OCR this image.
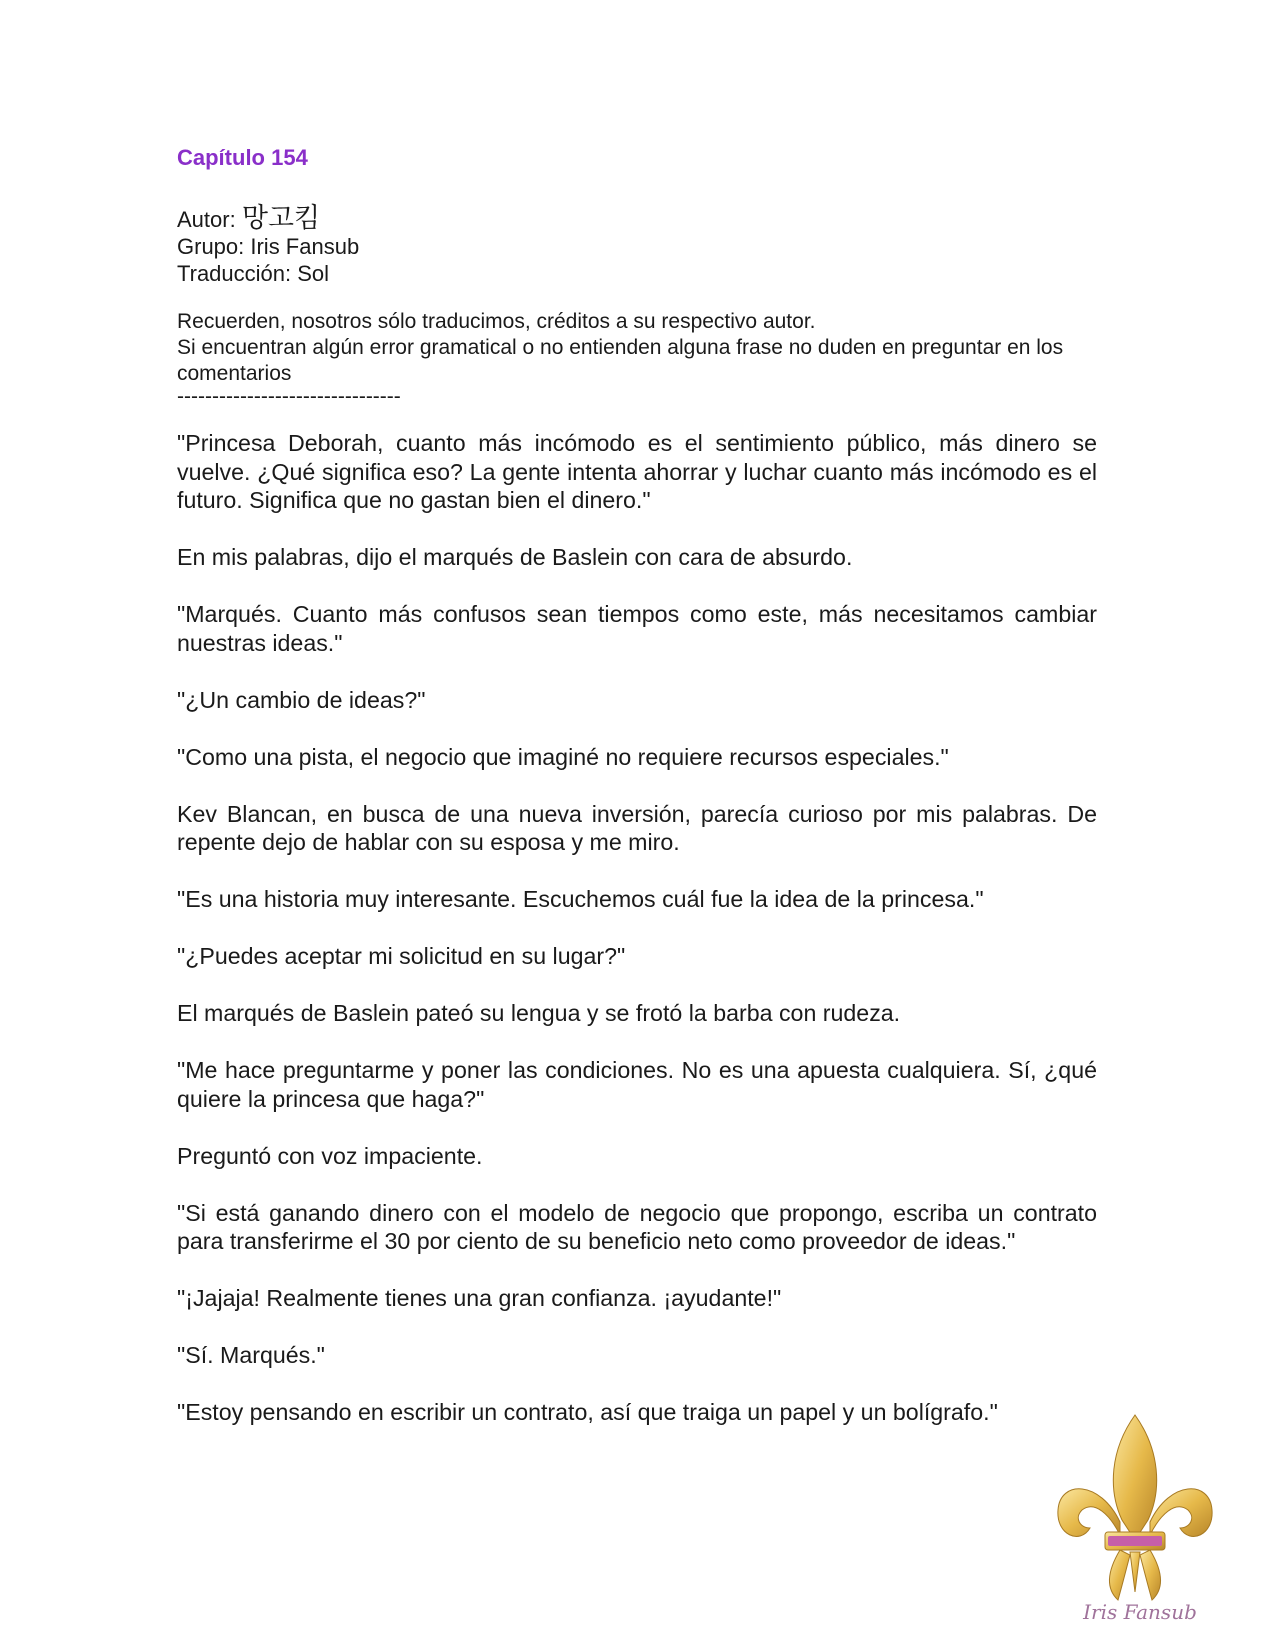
Capítulo 154
Autor: 망고킴
Grupo: Iris Fansub
Traducción: Sol
Recuerden, nosotros sólo traducimos, créditos a su respectivo autor.
Si encuentran algún error gramatical o no entienden alguna frase no duden en preguntar en los comentarios
--------------------------------

"Princesa Deborah, cuanto más incómodo es el sentimiento público, más dinero se vuelve. ¿Qué significa eso? La gente intenta ahorrar y luchar cuanto más incómodo es el futuro. Significa que no gastan bien el dinero."

En mis palabras, dijo el marqués de Baslein con cara de absurdo.

"Marqués. Cuanto más confusos sean tiempos como este, más necesitamos cambiar nuestras ideas."

"¿Un cambio de ideas?"

"Como una pista, el negocio que imaginé no requiere recursos especiales."

Kev Blancan, en busca de una nueva inversión, parecía curioso por mis palabras. De repente dejo de hablar con su esposa y me miro.

"Es una historia muy interesante. Escuchemos cuál fue la idea de la princesa."

"¿Puedes aceptar mi solicitud en su lugar?"

El marqués de Baslein pateó su lengua y se frotó la barba con rudeza.

"Me hace preguntarme y poner las condiciones. No es una apuesta cualquiera. Sí, ¿qué quiere la princesa que haga?"

Preguntó con voz impaciente.

"Si está ganando dinero con el modelo de negocio que propongo, escriba un contrato para transferirme el 30 por ciento de su beneficio neto como proveedor de ideas."

"¡Jajaja! Realmente tienes una gran confianza. ¡ayudante!"

"Sí. Marqués."

"Estoy pensando en escribir un contrato, así que traiga un papel y un bolígrafo."

Iris Fansub
